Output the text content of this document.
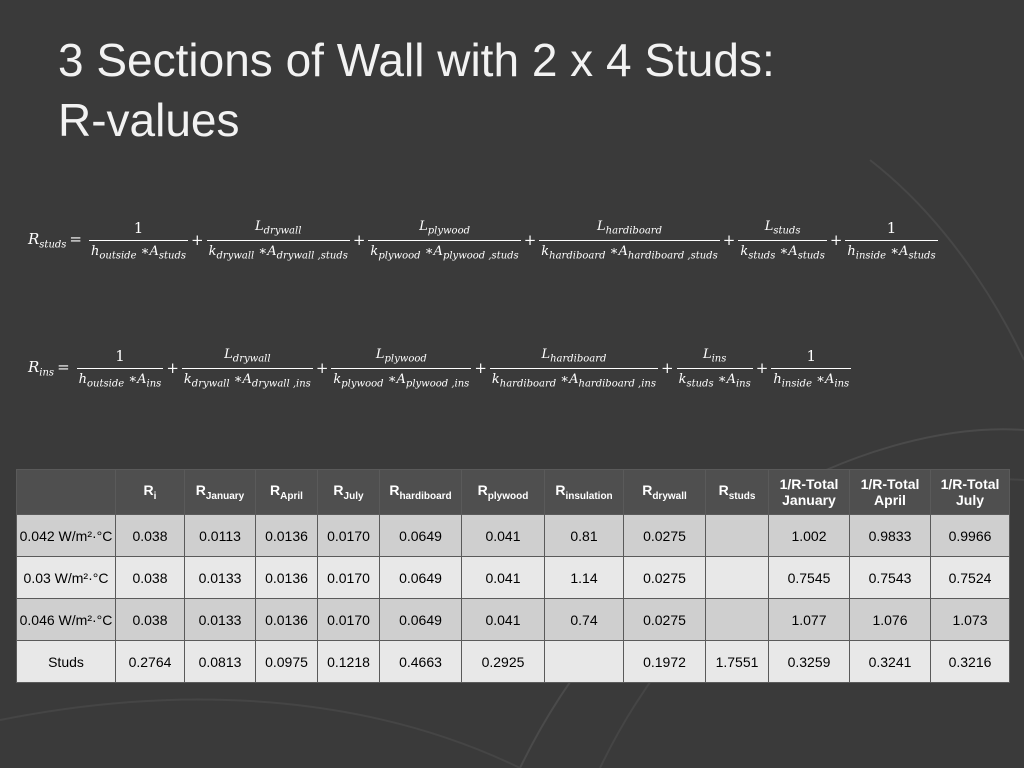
3 Sections of Wall with 2 x 4 Studs:
R-values
$R_{studs} = \frac{1}{h_{outside} ∗A_{studs}} + \frac{L_{drywall}}{k_{drywall} ∗A_{drywall ,studs}} + \frac{L_{plywood}}{k_{plywood} ∗A_{plywood ,studs}} + \frac{L_{hardiboard}}{k_{hardiboard} ∗A_{hardiboard ,studs}} + \frac{L_{studs}}{k_{studs} ∗A_{studs}} + \frac{1}{h_{inside} ∗A_{studs}}$
$R_{ins} = \frac{1}{h_{outside} ∗A_{ins}} + \frac{L_{drywall}}{k_{drywall} ∗A_{drywall ,ins}} + \frac{L_{plywood}}{k_{plywood} ∗A_{plywood ,ins}} + \frac{L_{hardiboard}}{k_{hardiboard} ∗A_{hardiboard ,ins}} + \frac{L_{ins}}{k_{studs} ∗A_{ins}} + \frac{1}{h_{inside} ∗A_{ins}}$
	$R_i$	$R_{January}$	$R_{April}$	$R_{July}$	$R_{hardiboard}$	$R_{plywood}$	$R_{insulation}$	$R_{drywall}$	$R_{studs}$	1/R-Total January	1/R-Total April	1/R-Total July
0.042 W/m²·°C	0.038	0.0113	0.0136	0.0170	0.0649	0.041	0.81	0.0275		1.002	0.9833	0.9966
0.03 W/m²·°C	0.038	0.0133	0.0136	0.0170	0.0649	0.041	1.14	0.0275		0.7545	0.7543	0.7524
0.046 W/m²·°C	0.038	0.0133	0.0136	0.0170	0.0649	0.041	0.74	0.0275		1.077	1.076	1.073
Studs	0.2764	0.0813	0.0975	0.1218	0.4663	0.2925		0.1972	1.7551	0.3259	0.3241	0.3216
